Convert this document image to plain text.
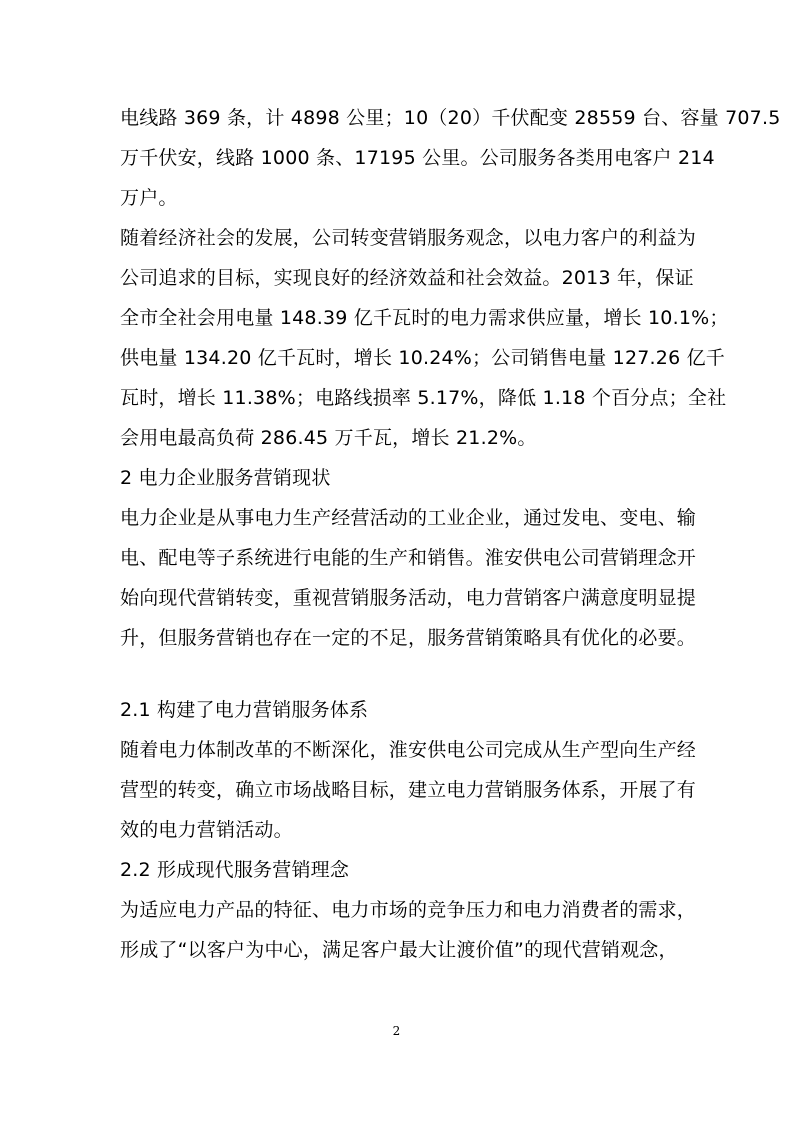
电线路 369 条，计 4898 公里；10（20）千伏配变 28559 台、容量 707.5
万千伏安，线路 1000 条、17195 公里。公司服务各类用电客户 214
万户。
随着经济社会的发展，公司转变营销服务观念，以电力客户的利益为
公司追求的目标，实现良好的经济效益和社会效益。2013 年，保证
全市全社会用电量 148.39 亿千瓦时的电力需求供应量，增长 10.1%；
供电量 134.20 亿千瓦时，增长 10.24%；公司销售电量 127.26 亿千
瓦时，增长 11.38%；电路线损率 5.17%，降低 1.18 个百分点；全社
会用电最高负荷 286.45 万千瓦，增长 21.2%。
2 电力企业服务营销现状
电力企业是从事电力生产经营活动的工业企业，通过发电、变电、输
电、配电等子系统进行电能的生产和销售。淮安供电公司营销理念开
始向现代营销转变，重视营销服务活动，电力营销客户满意度明显提
升，但服务营销也存在一定的不足，服务营销策略具有优化的必要。
2.1 构建了电力营销服务体系
随着电力体制改革的不断深化，淮安供电公司完成从生产型向生产经
营型的转变，确立市场战略目标，建立电力营销服务体系，开展了有
效的电力营销活动。
2.2 形成现代服务营销理念
为适应电力产品的特征、电力市场的竞争压力和电力消费者的需求，
形成了“以客户为中心，满足客户最大让渡价值”的现代营销观念，
2
